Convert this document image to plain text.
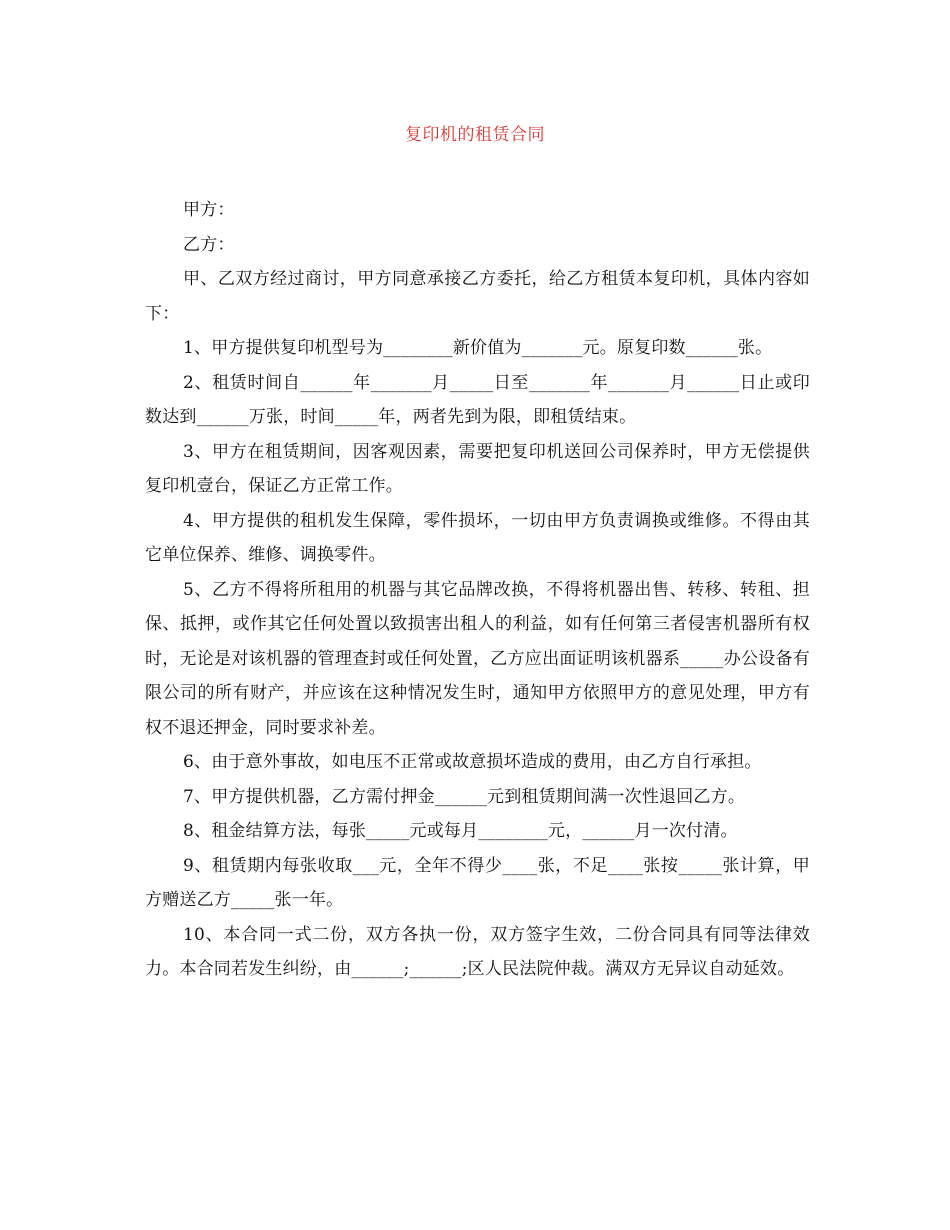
复印机的租赁合同

甲方：

乙方：

甲、乙双方经过商讨，甲方同意承接乙方委托，给乙方租赁本复印机，具体内容如下：

1、甲方提供复印机型号为________新价值为_______元。原复印数______张。

2、租赁时间自______年_______月_____日至_______年_______月______日止或印数达到______万张，时间_____年，两者先到为限，即租赁结束。

3、甲方在租赁期间，因客观因素，需要把复印机送回公司保养时，甲方无偿提供复印机壹台，保证乙方正常工作。

4、甲方提供的租机发生保障，零件损坏，一切由甲方负责调换或维修。不得由其它单位保养、维修、调换零件。

5、乙方不得将所租用的机器与其它品牌改换，不得将机器出售、转移、转租、担保、抵押，或作其它任何处置以致损害出租人的利益，如有任何第三者侵害机器所有权时，无论是对该机器的管理查封或任何处置，乙方应出面证明该机器系_____办公设备有限公司的所有财产，并应该在这种情况发生时，通知甲方依照甲方的意见处理，甲方有权不退还押金，同时要求补差。

6、由于意外事故，如电压不正常或故意损坏造成的费用，由乙方自行承担。

7、甲方提供机器，乙方需付押金______元到租赁期间满一次性退回乙方。

8、租金结算方法，每张_____元或每月________元，______月一次付清。

9、租赁期内每张收取___元，全年不得少____张，不足____张按_____张计算，甲方赠送乙方_____张一年。

10、本合同一式二份，双方各执一份，双方签字生效，二份合同具有同等法律效力。本合同若发生纠纷，由______;______;区人民法院仲裁。满双方无异议自动延效。
